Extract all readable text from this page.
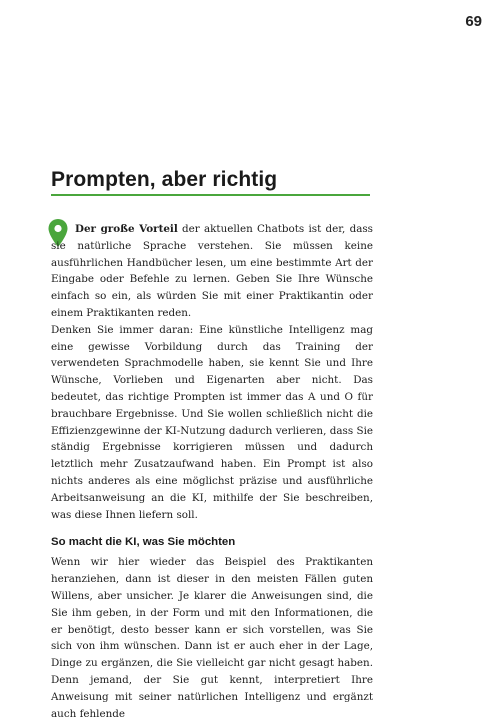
69
Prompten, aber richtig

Der große Vorteil der aktuellen Chatbots ist der, dass sie natürliche Sprache verstehen. Sie müssen keine ausführlichen Handbücher lesen, um eine bestimmte Art der Eingabe oder Befehle zu lernen. Geben Sie Ihre Wünsche einfach so ein, als würden Sie mit einer Praktikantin oder einem Praktikanten reden.

Denken Sie immer daran: Eine künstliche Intelligenz mag eine gewisse Vorbildung durch das Training der verwendeten Sprachmodelle haben, sie kennt Sie und Ihre Wünsche, Vorlieben und Eigenarten aber nicht. Das bedeutet, das richtige Prompten ist immer das A und O für brauchbare Ergebnisse. Und Sie wollen schließlich nicht die Effizienzgewinne der KI-Nutzung dadurch verlieren, dass Sie ständig Ergebnisse korrigieren müssen und dadurch letztlich mehr Zusatzaufwand haben. Ein Prompt ist also nichts anderes als eine möglichst präzise und ausführliche Arbeitsanweisung an die KI, mithilfe der Sie beschreiben, was diese Ihnen liefern soll.

So macht die KI, was Sie möchten

Wenn wir hier wieder das Beispiel des Praktikanten heranziehen, dann ist dieser in den meisten Fällen guten Willens, aber unsicher. Je klarer die Anweisungen sind, die Sie ihm geben, in der Form und mit den Informationen, die er benötigt, desto besser kann er sich vorstellen, was Sie sich von ihm wünschen. Dann ist er auch eher in der Lage, Dinge zu ergänzen, die Sie vielleicht gar nicht gesagt haben. Denn jemand, der Sie gut kennt, interpretiert Ihre Anweisung mit seiner natürlichen Intelligenz und ergänzt auch fehlende
